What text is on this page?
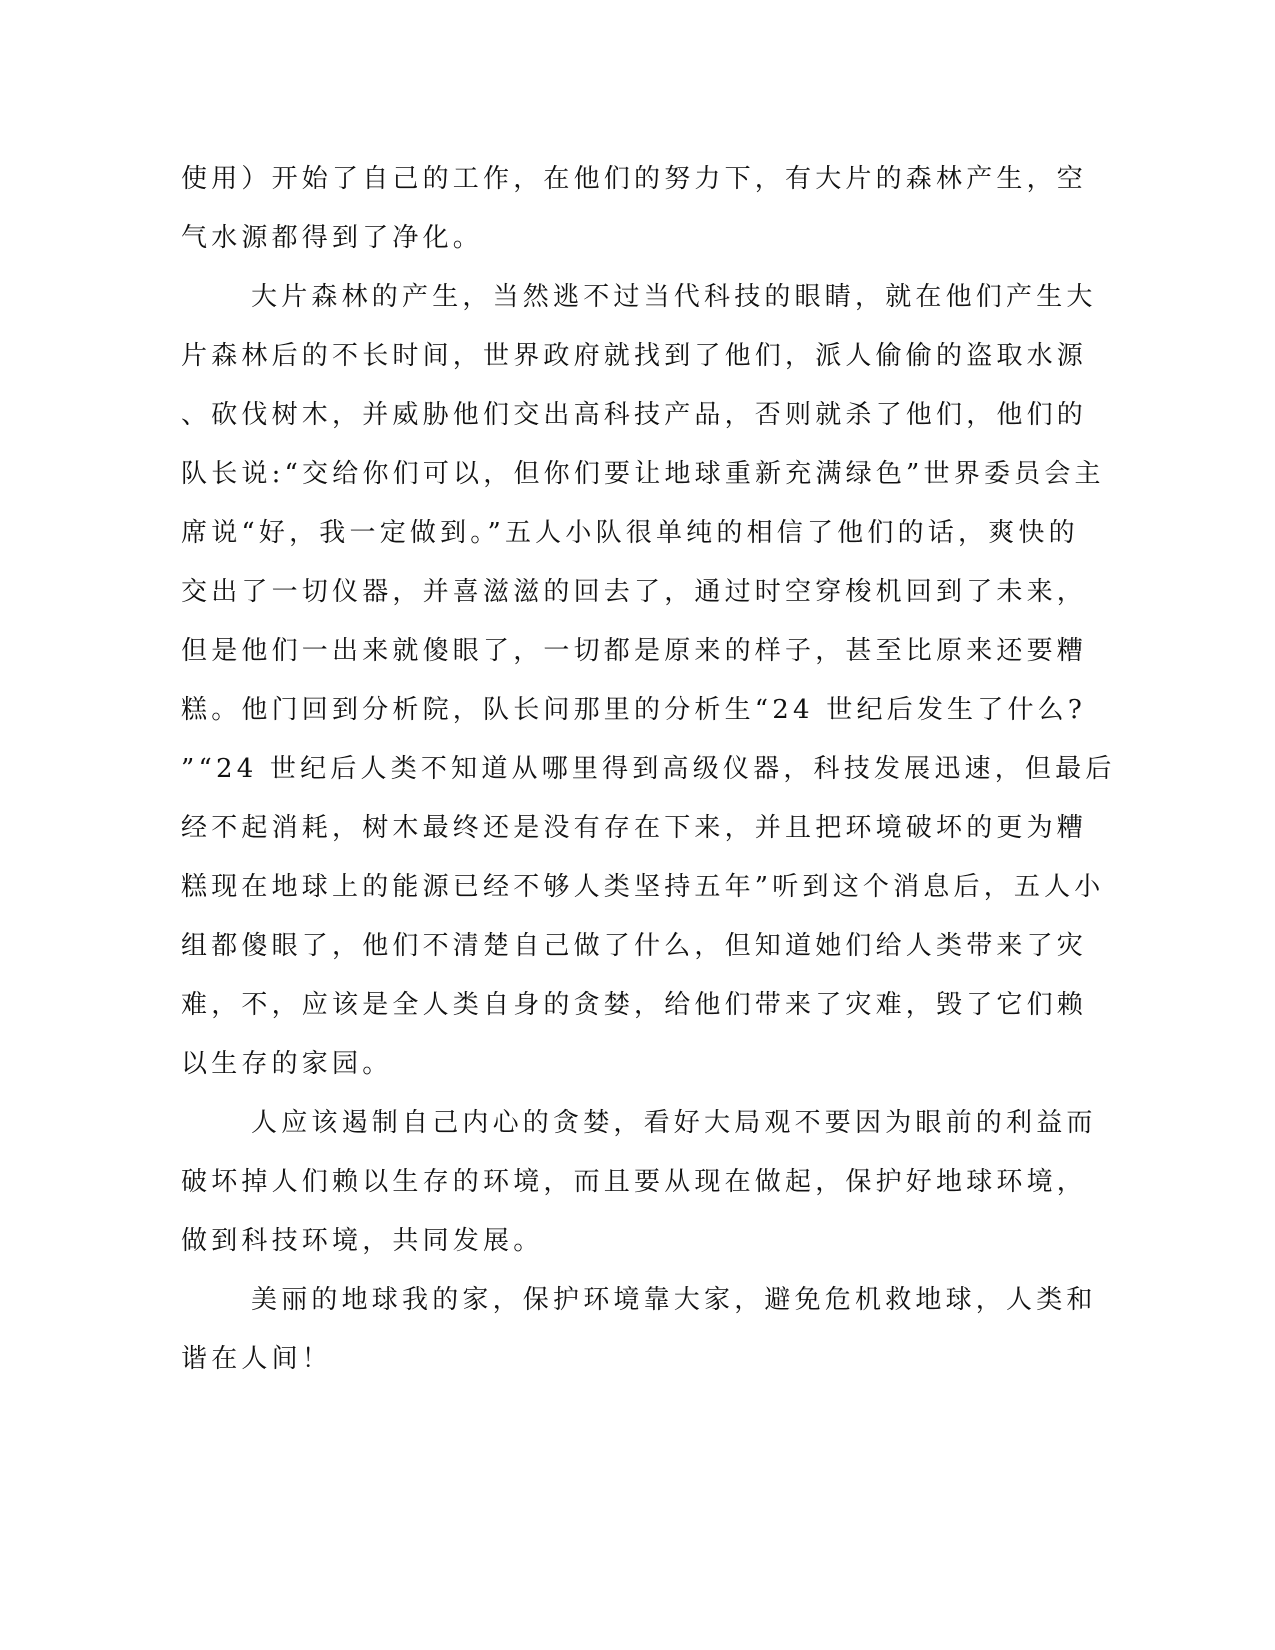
使用）开始了自己的工作，在他们的努力下，有大片的森林产生，空
气水源都得到了净化。
大片森林的产生，当然逃不过当代科技的眼睛，就在他们产生大
片森林后的不长时间，世界政府就找到了他们，派人偷偷的盗取水源
、砍伐树木，并威胁他们交出高科技产品，否则就杀了他们，他们的
队长说:“交给你们可以，但你们要让地球重新充满绿色”世界委员会主
席说“好，我一定做到。”五人小队很单纯的相信了他们的话，爽快的
交出了一切仪器，并喜滋滋的回去了，通过时空穿梭机回到了未来，
但是他们一出来就傻眼了，一切都是原来的样子，甚至比原来还要糟
糕。他门回到分析院，队长问那里的分析生“24 世纪后发生了什么?
”“24 世纪后人类不知道从哪里得到高级仪器，科技发展迅速，但最后
经不起消耗，树木最终还是没有存在下来，并且把环境破坏的更为糟
糕现在地球上的能源已经不够人类坚持五年”听到这个消息后，五人小
组都傻眼了，他们不清楚自己做了什么，但知道她们给人类带来了灾
难，不，应该是全人类自身的贪婪，给他们带来了灾难，毁了它们赖
以生存的家园。
人应该遏制自己内心的贪婪，看好大局观不要因为眼前的利益而
破坏掉人们赖以生存的环境，而且要从现在做起，保护好地球环境，
做到科技环境，共同发展。
美丽的地球我的家，保护环境靠大家，避免危机救地球，人类和
谐在人间！
